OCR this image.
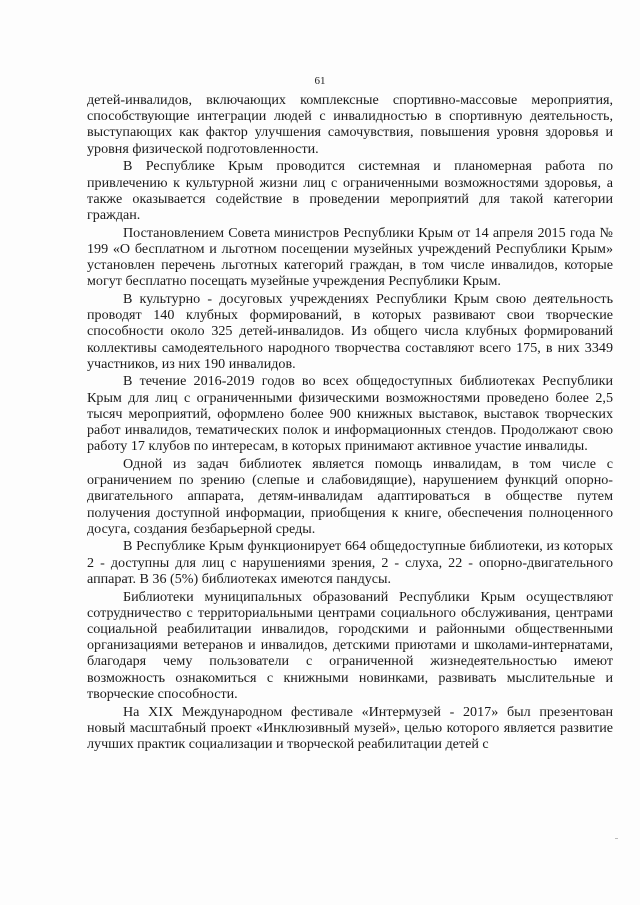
61

детей-инвалидов, включающих комплексные спортивно-массовые мероприятия, способствующие интеграции людей с инвалидностью в спортивную деятельность, выступающих как фактор улучшения самочувствия, повышения уровня здоровья и уровня физической подготовленности.

В Республике Крым проводится системная и планомерная работа по привлечению к культурной жизни лиц с ограниченными возможностями здоровья, а также оказывается содействие в проведении мероприятий для такой категории граждан.

Постановлением Совета министров Республики Крым от 14 апреля 2015 года № 199 «О бесплатном и льготном посещении музейных учреждений Республики Крым» установлен перечень льготных категорий граждан, в том числе инвалидов, которые могут бесплатно посещать музейные учреждения Республики Крым.

В культурно - досуговых учреждениях Республики Крым свою деятельность проводят 140 клубных формирований, в которых развивают свои творческие способности около 325 детей-инвалидов. Из общего числа клубных формирований коллективы самодеятельного народного творчества составляют всего 175, в них 3349 участников, из них 190 инвалидов.

В течение 2016-2019 годов во всех общедоступных библиотеках Республики Крым для лиц с ограниченными физическими возможностями проведено более 2,5 тысяч мероприятий, оформлено более 900 книжных выставок, выставок творческих работ инвалидов, тематических полок и информационных стендов. Продолжают свою работу 17 клубов по интересам, в которых принимают активное участие инвалиды.

Одной из задач библиотек является помощь инвалидам, в том числе с ограничением по зрению (слепые и слабовидящие), нарушением функций опорно-двигательного аппарата, детям-инвалидам адаптироваться в обществе путем получения доступной информации, приобщения к книге, обеспечения полноценного досуга, создания безбарьерной среды.

В Республике Крым функционирует 664 общедоступные библиотеки, из которых 2 - доступны для лиц с нарушениями зрения, 2 - слуха, 22 - опорно-двигательного аппарат. В 36 (5%) библиотеках имеются пандусы.

Библиотеки муниципальных образований Республики Крым осуществляют сотрудничество с территориальными центрами социального обслуживания, центрами социальной реабилитации инвалидов, городскими и районными общественными организациями ветеранов и инвалидов, детскими приютами и школами-интернатами, благодаря чему пользователи с ограниченной жизнедеятельностью имеют возможность ознакомиться с книжными новинками, развивать мыслительные и творческие способности.

На XIX Международном фестивале «Интермузей - 2017» был презентован новый масштабный проект «Инклюзивный музей», целью которого является развитие лучших практик социализации и творческой реабилитации детей с
